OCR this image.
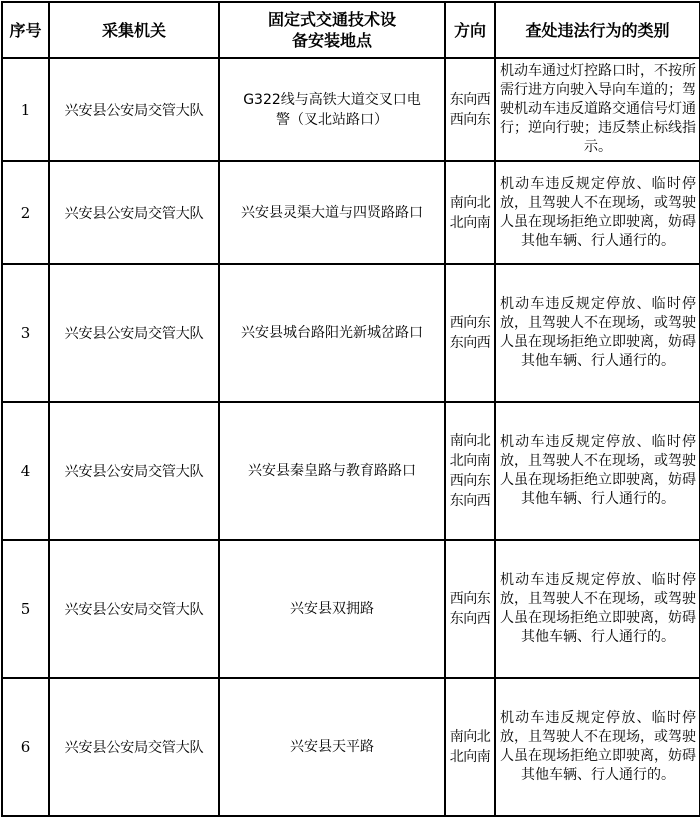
序号	采集机关	固定式交通技术设备安装地点	方向	查处违法行为的类别
1	兴安县公安局交管大队	G322线与高铁大道交叉口电警（叉北站路口）	东向西西向东	机动车通过灯控路口时，不按所需行进方向驶入导向车道的；驾驶机动车违反道路交通信号灯通行；逆向行驶；违反禁止标线指示。
2	兴安县公安局交管大队	兴安县灵渠大道与四贤路路口	南向北北向南	机动车违反规定停放、临时停放，且驾驶人不在现场，或驾驶人虽在现场拒绝立即驶离，妨碍其他车辆、行人通行的。
3	兴安县公安局交管大队	兴安县城台路阳光新城岔路口	西向东东向西	机动车违反规定停放、临时停放，且驾驶人不在现场，或驾驶人虽在现场拒绝立即驶离，妨碍其他车辆、行人通行的。
4	兴安县公安局交管大队	兴安县秦皇路与教育路路口	南向北北向南西向东东向西	机动车违反规定停放、临时停放，且驾驶人不在现场，或驾驶人虽在现场拒绝立即驶离，妨碍其他车辆、行人通行的。
5	兴安县公安局交管大队	兴安县双拥路	西向东东向西	机动车违反规定停放、临时停放，且驾驶人不在现场，或驾驶人虽在现场拒绝立即驶离，妨碍其他车辆、行人通行的。
6	兴安县公安局交管大队	兴安县天平路	南向北北向南	机动车违反规定停放、临时停放，且驾驶人不在现场，或驾驶人虽在现场拒绝立即驶离，妨碍其他车辆、行人通行的。
